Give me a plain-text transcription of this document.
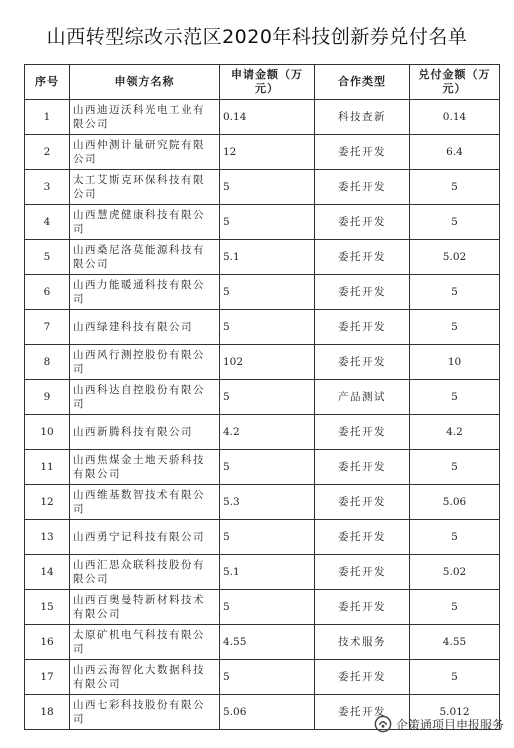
山西转型综改示范区2020年科技创新券兑付名单
序号	申领方名称	申请金额（万元）	合作类型	兑付金额（万元）
1	山西迪迈沃科光电工业有限公司	0.14	科技查新	0.14
2	山西仲测计量研究院有限公司	12	委托开发	6.4
3	太工艾斯克环保科技有限公司	5	委托开发	5
4	山西慧虎健康科技有限公司	5	委托开发	5
5	山西桑尼洛莫能源科技有限公司	5.1	委托开发	5.02
6	山西力能暖通科技有限公司	5	委托开发	5
7	山西绿建科技有限公司	5	委托开发	5
8	山西风行测控股份有限公司	102	委托开发	10
9	山西科达自控股份有限公司	5	产品测试	5
10	山西新腾科技有限公司	4.2	委托开发	4.2
11	山西焦煤金土地天骄科技有限公司	5	委托开发	5
12	山西维基数智技术有限公司	5.3	委托开发	5.06
13	山西勇宁记科技有限公司	5	委托开发	5
14	山西汇思众联科技股份有限公司	5.1	委托开发	5.02
15	山西百奥曼特新材料技术有限公司	5	委托开发	5
16	太原矿机电气科技有限公司	4.55	技术服务	4.55
17	山西云海智化大数据科技有限公司	5	委托开发	5
18	山西七彩科技股份有限公司	5.06	委托开发	5.012
企策通项目申报服务
